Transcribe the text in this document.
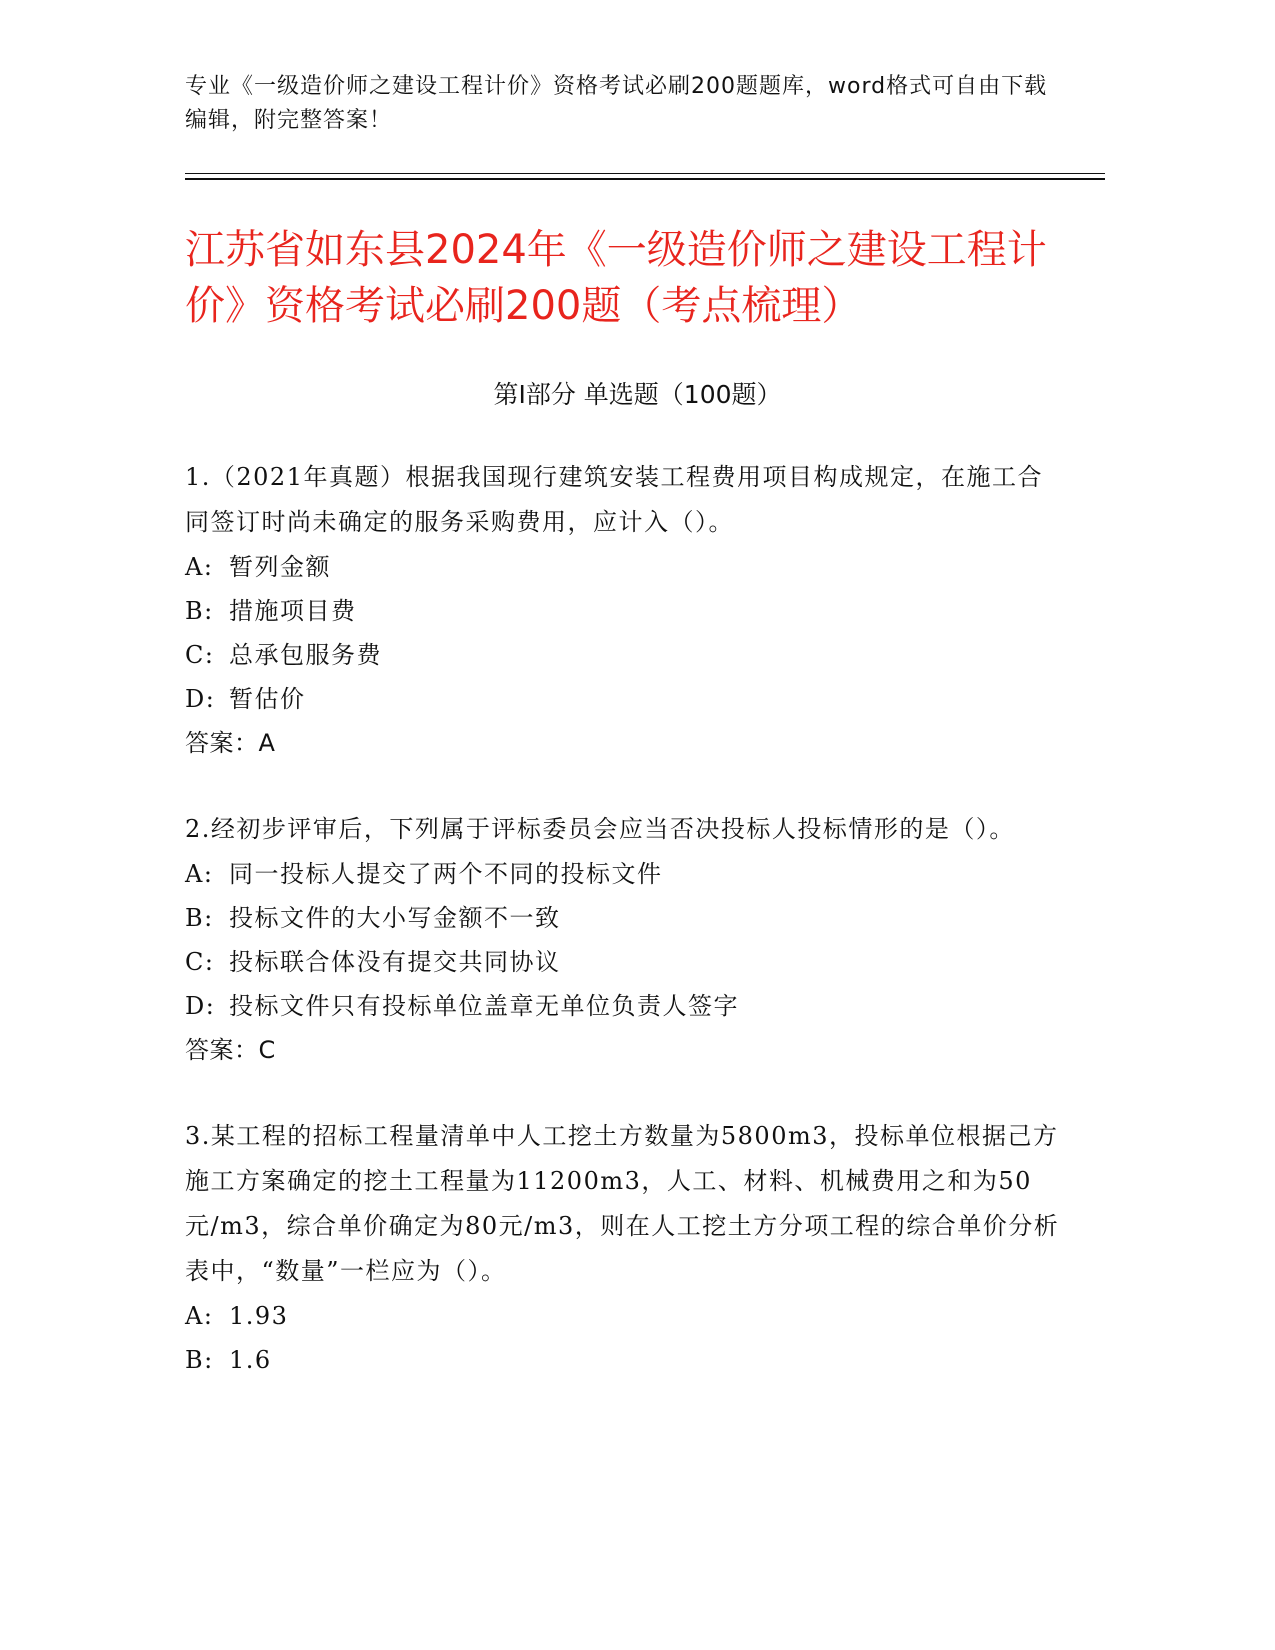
专业《一级造价师之建设工程计价》资格考试必刷200题题库，word格式可自由下载编辑，附完整答案！
江苏省如东县2024年《一级造价师之建设工程计价》资格考试必刷200题（考点梳理）
第I部分 单选题（100题）
1.（2021年真题）根据我国现行建筑安装工程费用项目构成规定，在施工合同签订时尚未确定的服务采购费用，应计入（）。
A: 暂列金额
B: 措施项目费
C: 总承包服务费
D: 暂估价
答案：A
2.经初步评审后，下列属于评标委员会应当否决投标人投标情形的是（）。
A: 同一投标人提交了两个不同的投标文件
B: 投标文件的大小写金额不一致
C: 投标联合体没有提交共同协议
D: 投标文件只有投标单位盖章无单位负责人签字
答案：C
3.某工程的招标工程量清单中人工挖土方数量为5800m3，投标单位根据己方施工方案确定的挖土工程量为11200m3，人工、材料、机械费用之和为50元/m3，综合单价确定为80元/m3，则在人工挖土方分项工程的综合单价分析表中，“数量”一栏应为（）。
A: 1.93
B: 1.6
